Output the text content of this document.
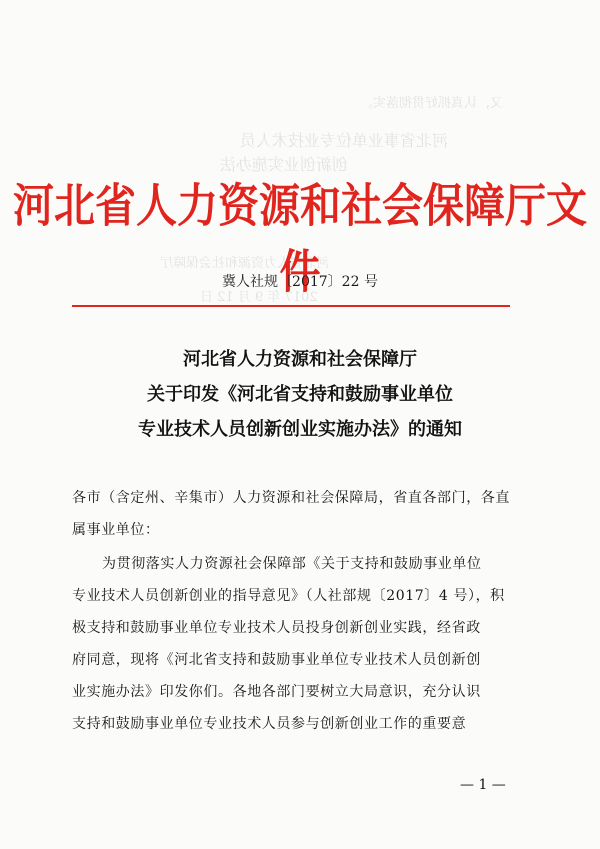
又，认真抓好贯彻落实。
河北省事业单位专业技术人员
创新创业实施办法
河北省人力资源和社会保障厅
2017 年 9 月 12 日
河北省人力资源和社会保障厅文件
冀人社规〔2017〕22 号
河北省人力资源和社会保障厅
关于印发《河北省支持和鼓励事业单位
专业技术人员创新创业实施办法》的通知
各市（含定州、辛集市）人力资源和社会保障局，省直各部门，各直
属事业单位：
为贯彻落实人力资源社会保障部《关于支持和鼓励事业单位
专业技术人员创新创业的指导意见》（人社部规〔2017〕4 号），积
极支持和鼓励事业单位专业技术人员投身创新创业实践，经省政
府同意，现将《河北省支持和鼓励事业单位专业技术人员创新创
业实施办法》印发你们。各地各部门要树立大局意识，充分认识
支持和鼓励事业单位专业技术人员参与创新创业工作的重要意
— 1 —
